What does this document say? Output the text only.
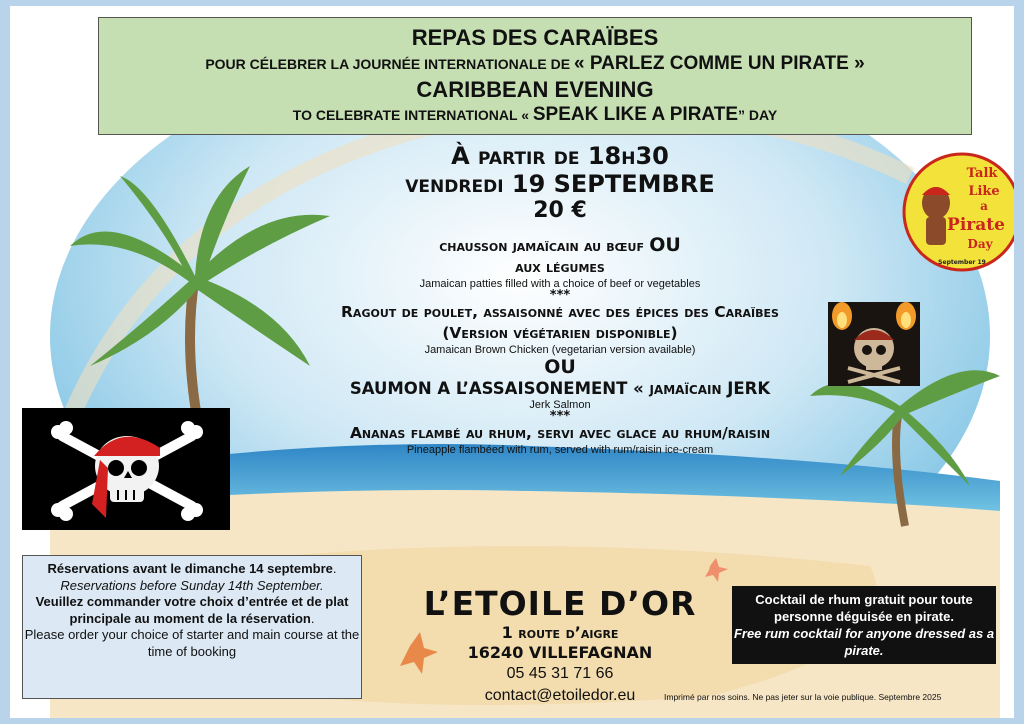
REPAS DES CARAÏBES
POUR CÉLEBRER LA JOURNÉE INTERNATIONALE DE « PARLEZ COMME UN PIRATE »
CARIBBEAN EVENING
TO CELEBRATE INTERNATIONAL « SPEAK LIKE A PIRATE” DAY
À partir de 18h30
vendredi 19 SEPTEMBRE
20 €
chausson jamaïcain au bœuf OU
aux légumes
Jamaican patties filled with a choice of beef or vegetables
***
Ragout de poulet, assaisonné avec des épices des Caraïbes (Version végétarien disponible)
Jamaican Brown Chicken (vegetarian version available)
OU
SAUMON A L’ASSAISONEMENT « jamaïcain JERK
Jerk Salmon
***
Ananas flambé au rhum, servi avec glace au rhum/raisin
Pineapple flambéed with rum, served with rum/raisin ice-cream
Réservations avant le dimanche 14 septembre.
Reservations before Sunday 14th September.
Veuillez commander votre choix d’entrée et de plat principale au moment de la réservation.
Please order your choice of starter and main course at the time of booking
L’ETOILE D’OR
1 route d’aigre
16240 VILLEFAGNAN
05 45 31 71 66
contact@etoiledor.eu
Cocktail de rhum gratuit pour toute personne déguisée en pirate.
Free rum cocktail for anyone dressed as a pirate.
Imprimé par nos soins. Ne pas jeter sur la voie publique. Septembre 2025
Talk
Like
a
Pirate
Day
September 19
